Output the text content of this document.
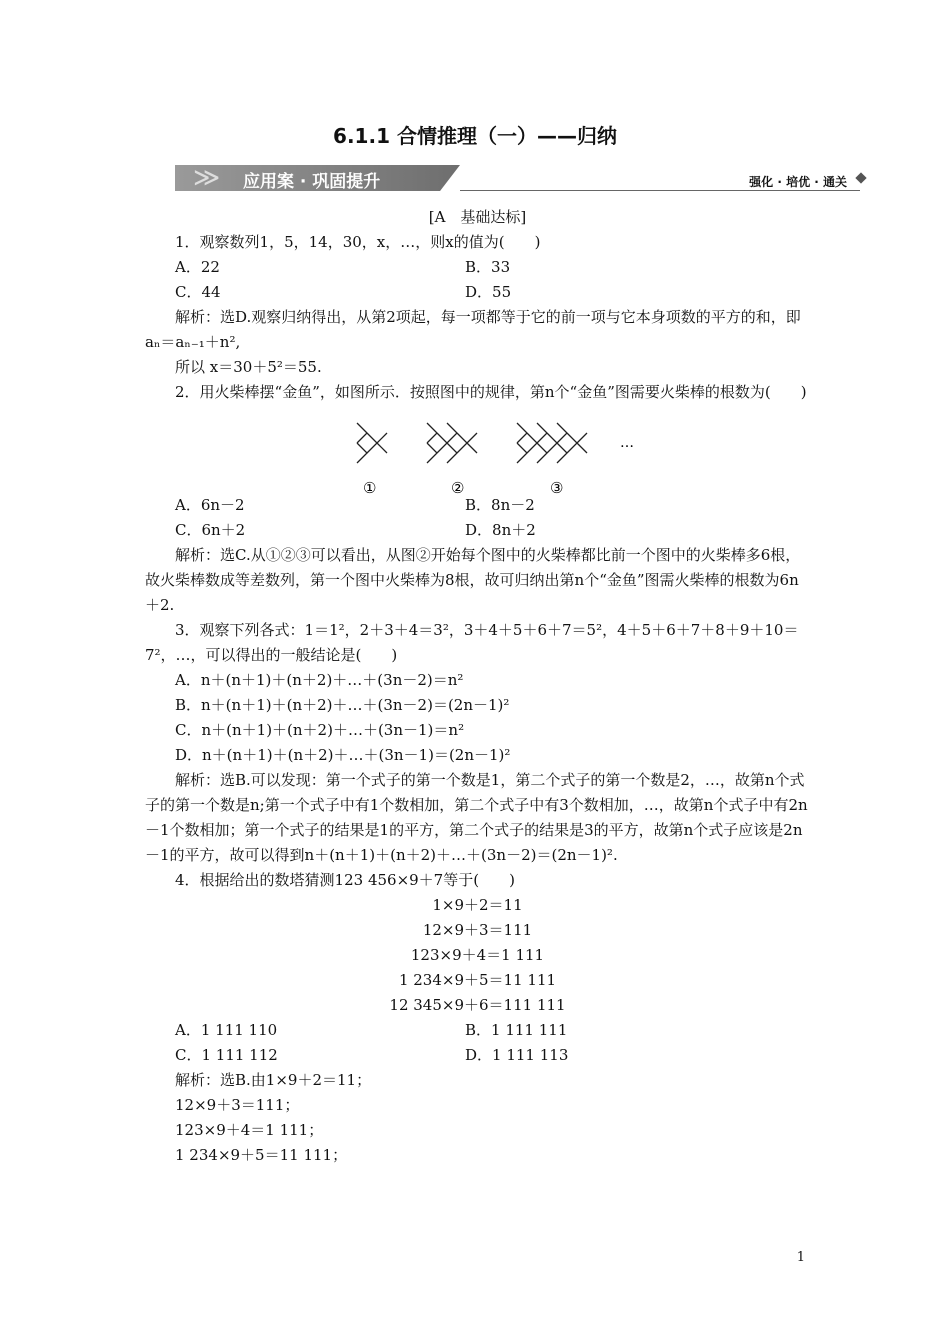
6.1.1 合情推理（一）——归纳
≫ 应用案 · 巩固提升	强化 · 培优 · 通关

[A　基础达标]

1．观察数列1，5，14，30，x，…，则x的值为(　　)

A．22	B．33
C．44	D．55

解析：选D.观察归纳得出，从第2项起，每一项都等于它的前一项与它本身项数的平方的和，即 aₙ＝aₙ₋₁＋n²,

所以 x＝30＋5²＝55.

2．用火柴棒摆“金鱼”，如图所示．按照图中的规律，第n个“金鱼”图需要火柴棒的根数为(　　)

…
①	②	③
A．6n－2	B．8n－2
C．6n＋2	D．8n＋2

解析：选C.从①②③可以看出，从图②开始每个图中的火柴棒都比前一个图中的火柴棒多6根，故火柴棒数成等差数列，第一个图中火柴棒为8根，故可归纳出第n个“金鱼”图需火柴棒的根数为6n＋2.

3．观察下列各式：1＝1²，2＋3＋4＝3²，3＋4＋5＋6＋7＝5²，4＋5＋6＋7＋8＋9＋10＝7²，…，可以得出的一般结论是(　　)

A．n＋(n＋1)＋(n＋2)＋…＋(3n－2)＝n²

B．n＋(n＋1)＋(n＋2)＋…＋(3n－2)＝(2n－1)²

C．n＋(n＋1)＋(n＋2)＋…＋(3n－1)＝n²

D．n＋(n＋1)＋(n＋2)＋…＋(3n－1)＝(2n－1)²

解析：选B.可以发现：第一个式子的第一个数是1，第二个式子的第一个数是2，…，故第n个式子的第一个数是n;第一个式子中有1个数相加，第二个式子中有3个数相加，…，故第n个式子中有2n－1个数相加；第一个式子的结果是1的平方，第二个式子的结果是3的平方，故第n个式子应该是2n－1的平方，故可以得到n＋(n＋1)＋(n＋2)＋…＋(3n－2)＝(2n－1)².

4．根据给出的数塔猜测123 456×9＋7等于(　　)

1×9＋2＝11
12×9＋3＝111
123×9＋4＝1 111
1 234×9＋5＝11 111
12 345×9＋6＝111 111
A．1 111 110	B．1 111 111
C．1 111 112	D．1 111 113

解析：选B.由1×9＋2＝11；

12×9＋3＝111；

123×9＋4＝1 111；

1 234×9＋5＝11 111；

1
